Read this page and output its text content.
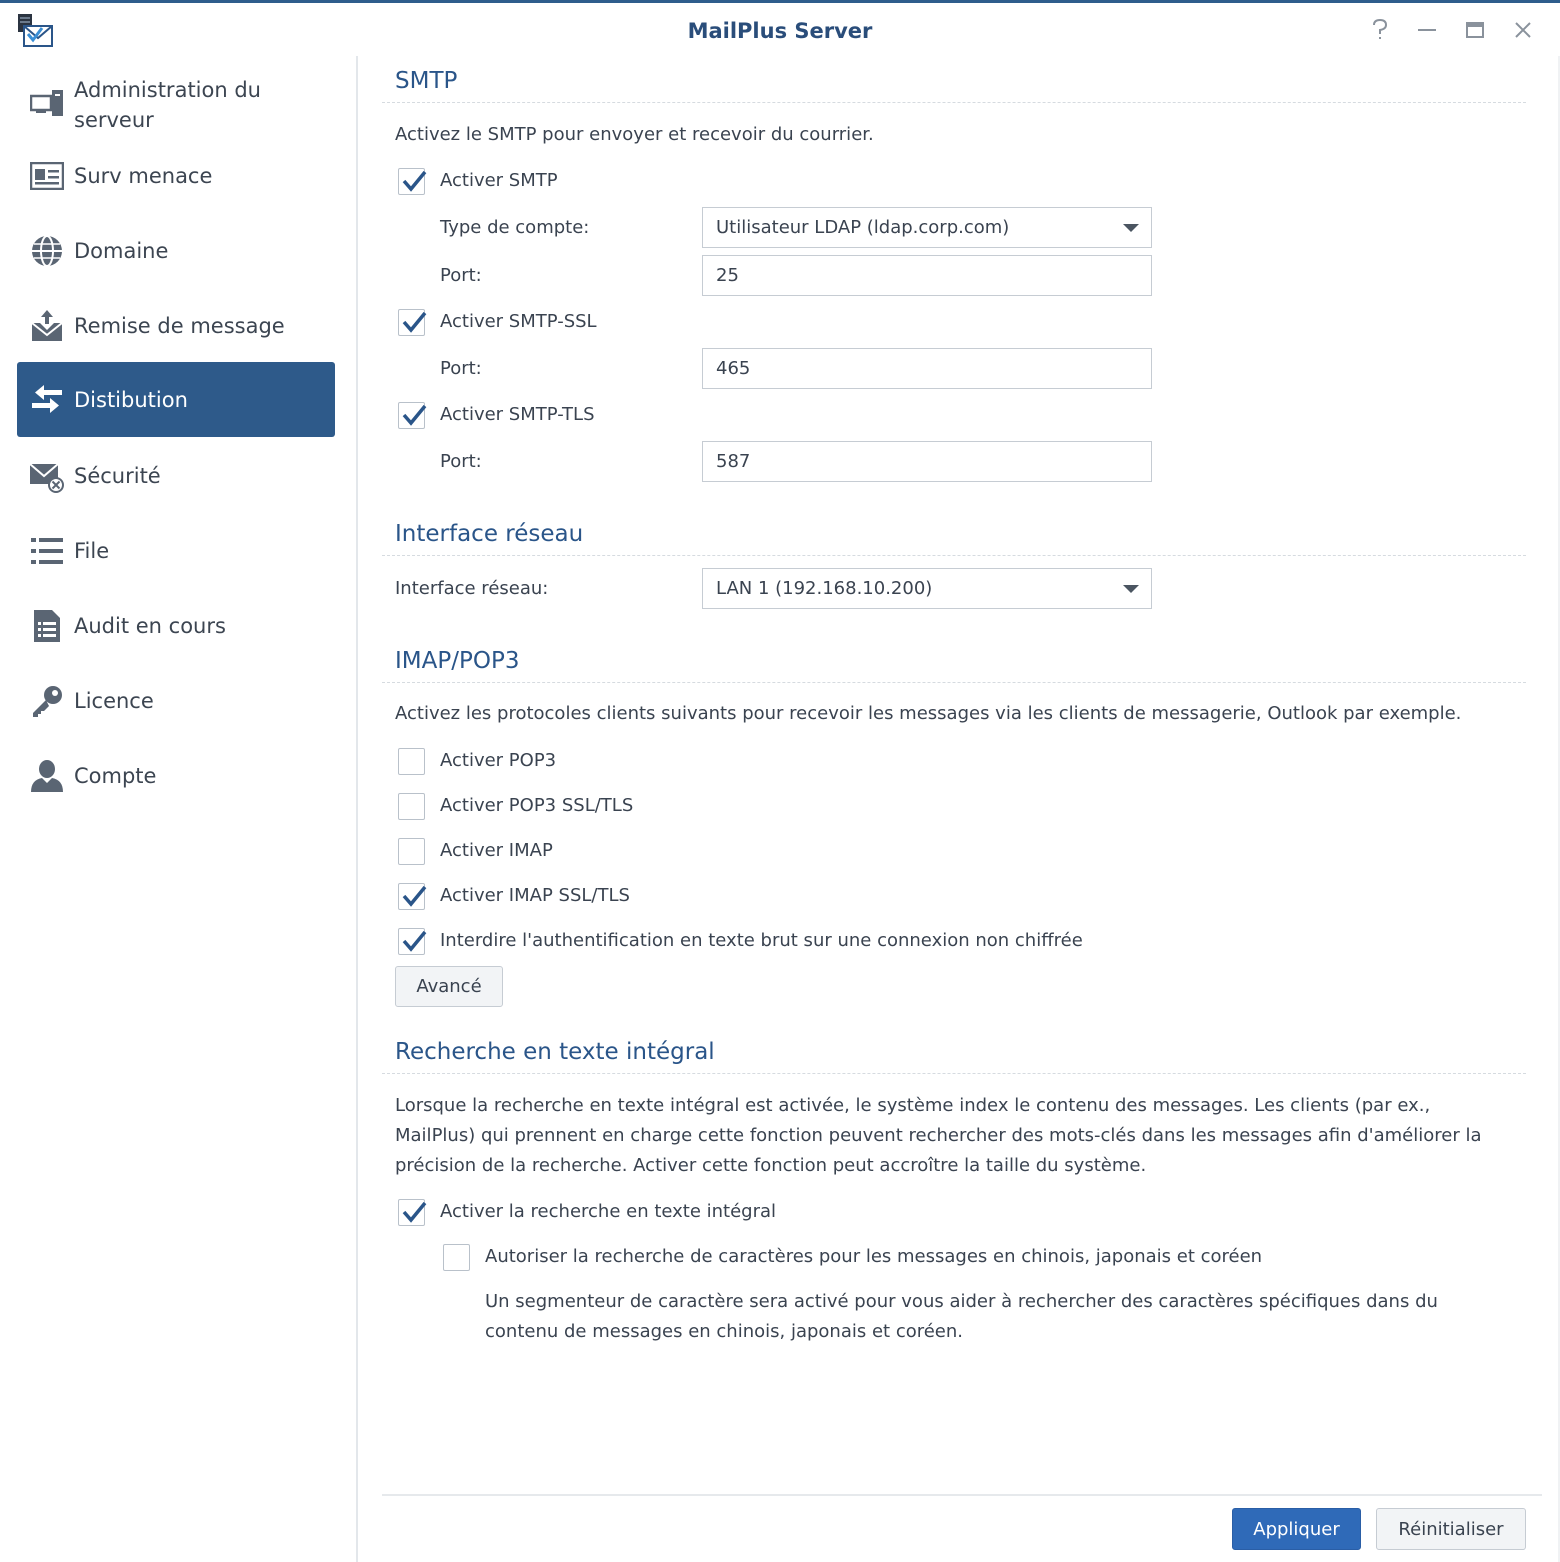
MailPlus Server
Administration du
serveur
Surv menace
Domaine
Remise de message
Distibution
Sécurité
File
Audit en cours
Licence
Compte
SMTP
Activez le SMTP pour envoyer et recevoir du courrier.
Activer SMTP
Type de compte:	Utilisateur LDAP (ldap.corp.com)
Port:	25
Activer SMTP-SSL
Port:	465
Activer SMTP-TLS
Port:	587
Interface réseau
Interface réseau:	LAN 1 (192.168.10.200)
IMAP/POP3
Activez les protocoles clients suivants pour recevoir les messages via les clients de messagerie, Outlook par exemple.
Activer POP3
Activer POP3 SSL/TLS
Activer IMAP
Activer IMAP SSL/TLS
Interdire l'authentification en texte brut sur une connexion non chiffrée
Avancé
Recherche en texte intégral
Lorsque la recherche en texte intégral est activée, le système index le contenu des messages. Les clients (par ex.,
MailPlus) qui prennent en charge cette fonction peuvent rechercher des mots-clés dans les messages afin d'améliorer la
précision de la recherche. Activer cette fonction peut accroître la taille du système.
Activer la recherche en texte intégral
Autoriser la recherche de caractères pour les messages en chinois, japonais et coréen
Un segmenteur de caractère sera activé pour vous aider à rechercher des caractères spécifiques dans du
contenu de messages en chinois, japonais et coréen.
Appliquer	Réinitialiser
